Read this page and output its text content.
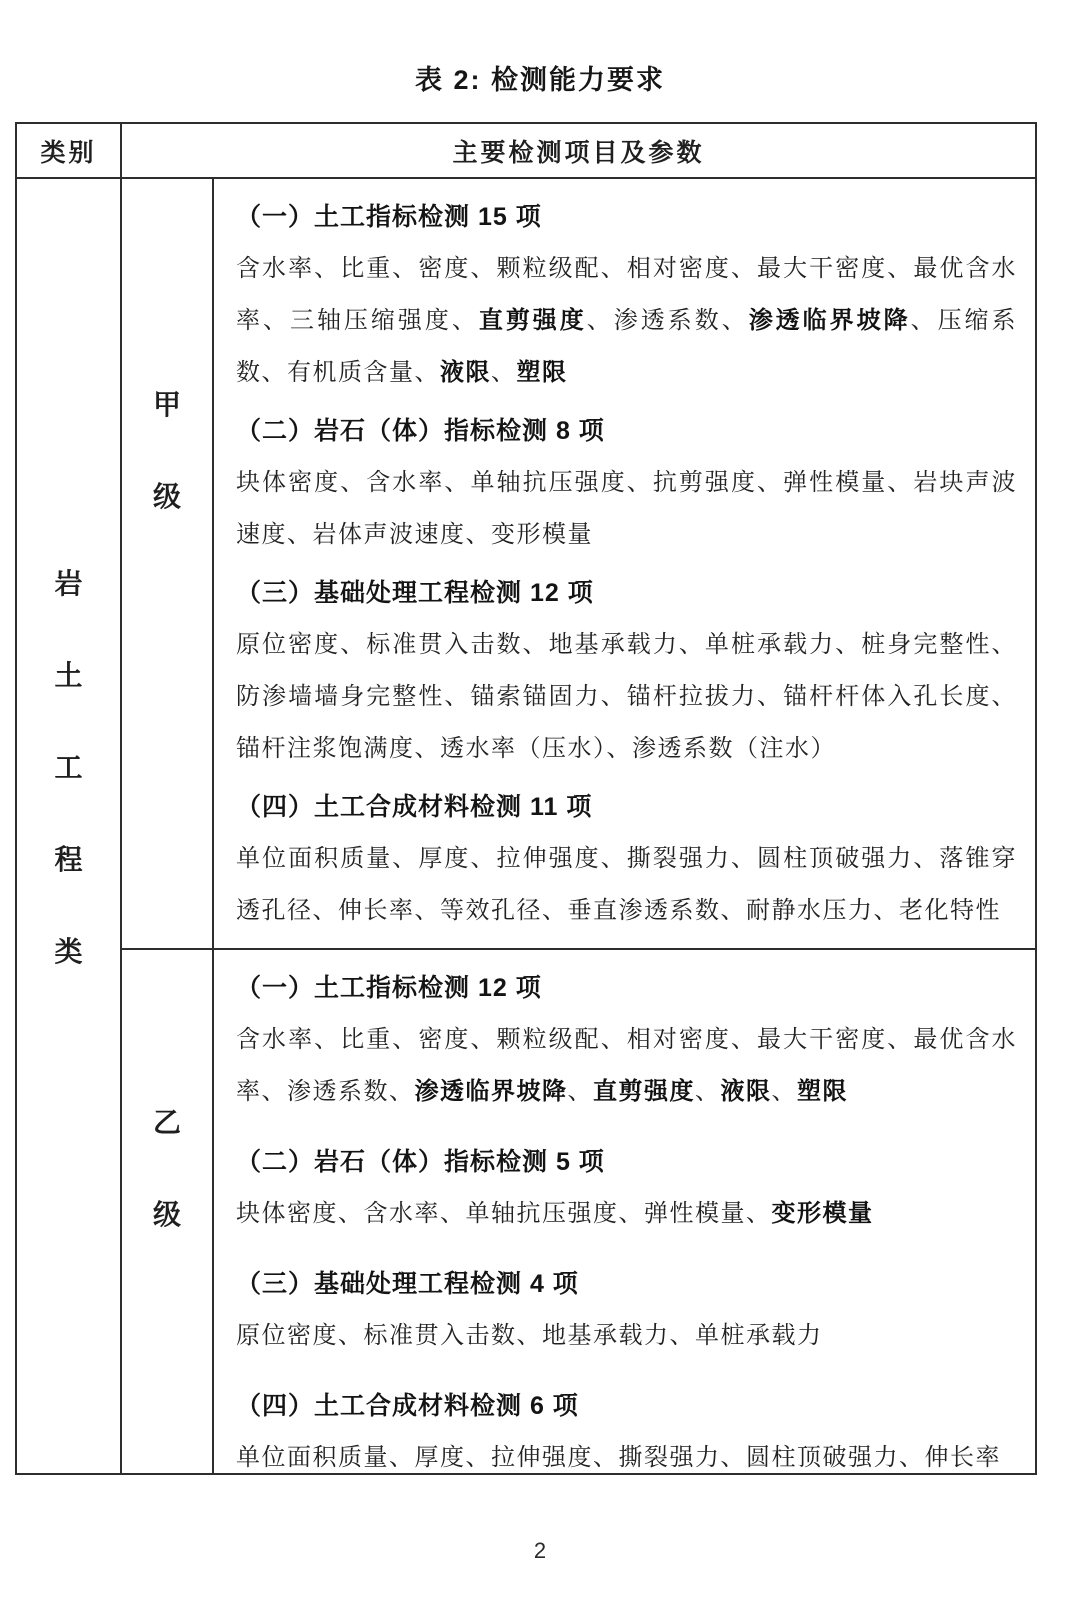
表 2: 检测能力要求
类别	主要检测项目及参数
岩
土
工
程
类
甲
级
（一）土工指标检测 15 项
含水率、比重、密度、颗粒级配、相对密度、最大干密度、最优含水率、三轴压缩强度、直剪强度、渗透系数、渗透临界坡降、压缩系数、有机质含量、液限、塑限
（二）岩石（体）指标检测 8 项
块体密度、含水率、单轴抗压强度、抗剪强度、弹性模量、岩块声波速度、岩体声波速度、变形模量
（三）基础处理工程检测 12 项
原位密度、标准贯入击数、地基承载力、单桩承载力、桩身完整性、防渗墙墙身完整性、锚索锚固力、锚杆拉拔力、锚杆杆体入孔长度、锚杆注浆饱满度、透水率（压水）、渗透系数（注水）
（四）土工合成材料检测 11 项
单位面积质量、厚度、拉伸强度、撕裂强力、圆柱顶破强力、落锥穿透孔径、伸长率、等效孔径、垂直渗透系数、耐静水压力、老化特性
乙
级
（一）土工指标检测 12 项
含水率、比重、密度、颗粒级配、相对密度、最大干密度、最优含水率、渗透系数、渗透临界坡降、直剪强度、液限、塑限
（二）岩石（体）指标检测 5 项
块体密度、含水率、单轴抗压强度、弹性模量、变形模量
（三）基础处理工程检测 4 项
原位密度、标准贯入击数、地基承载力、单桩承载力
（四）土工合成材料检测 6 项
单位面积质量、厚度、拉伸强度、撕裂强力、圆柱顶破强力、伸长率
2
